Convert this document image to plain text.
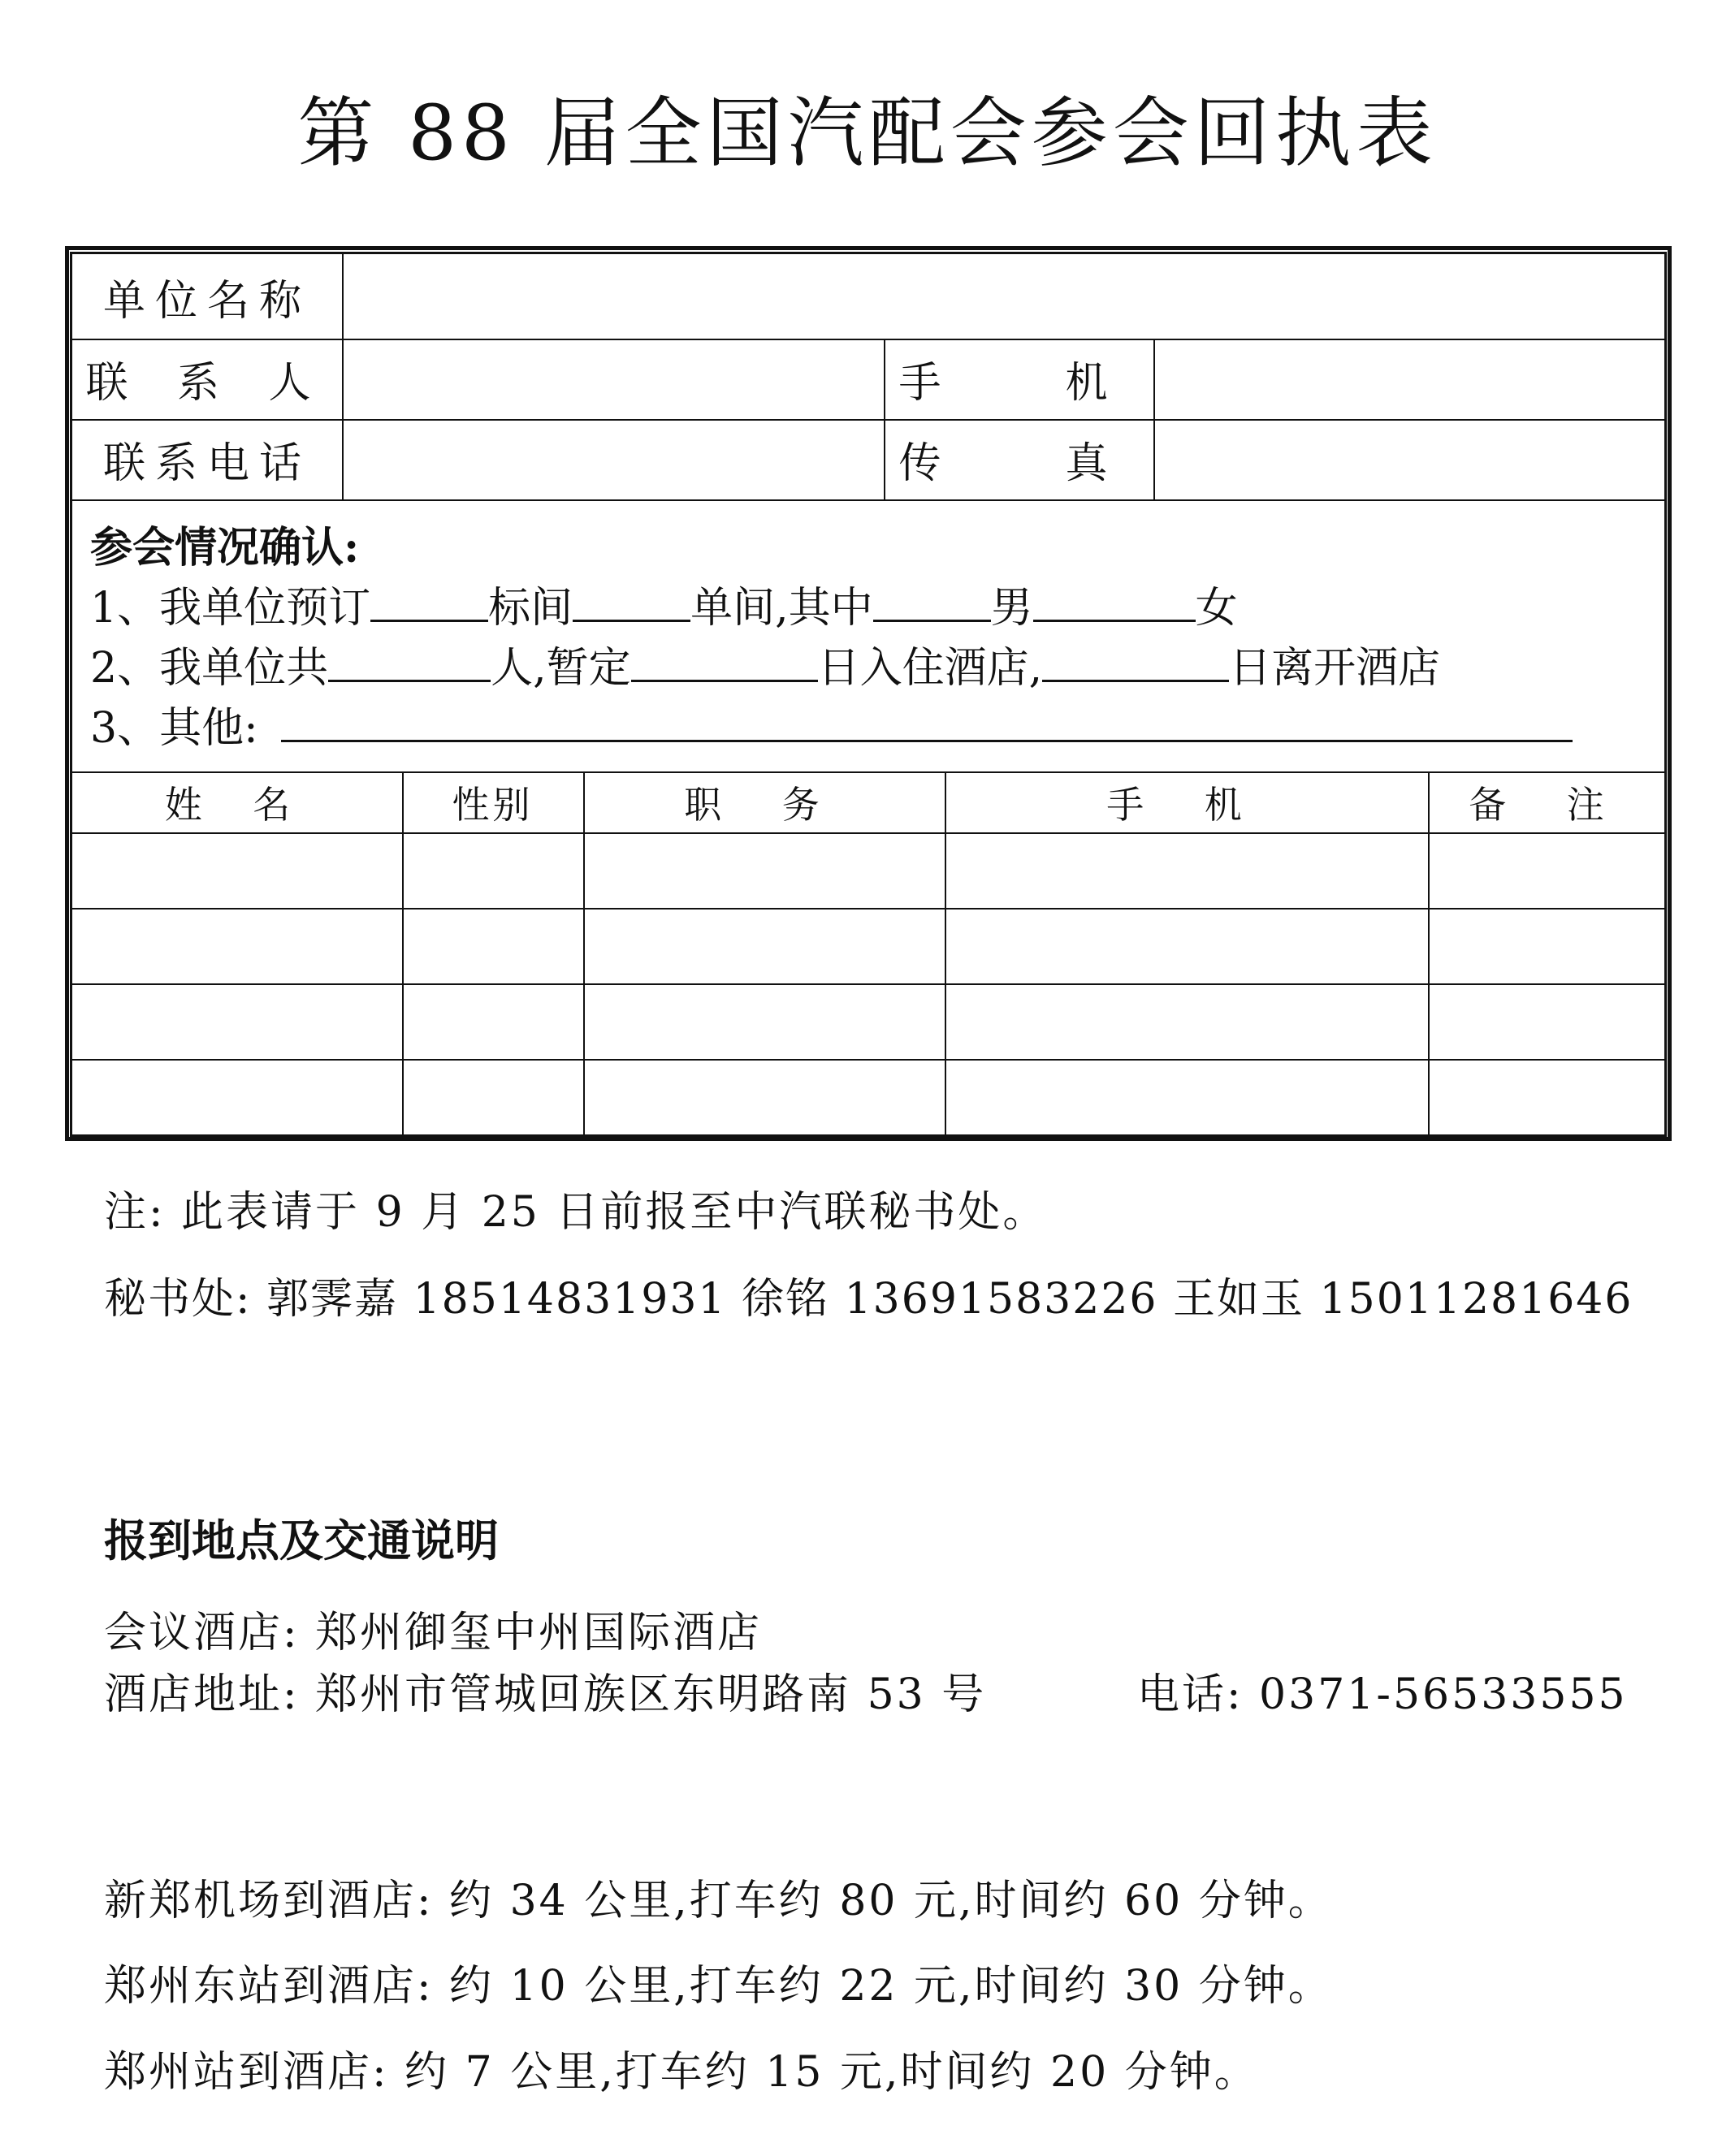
第 88 届全国汽配会参会回执表
单位名称
联 系 人	手  机
联系电话	传  真
参会情况确认:
1、我单位预订	标间	单间,其中	男	女
2、我单位共	人,暂定	日入住酒店,	日离开酒店
3、其他:
姓 名	性别	职 务	手 机	备 注
注: 此表请于 9 月 25 日前报至中汽联秘书处。
秘书处: 郭霁嘉 18514831931 徐铭 13691583226 王如玉 15011281646
报到地点及交通说明
会议酒店: 郑州御玺中州国际酒店
酒店地址: 郑州市管城回族区东明路南 53 号	电话: 0371-56533555
新郑机场到酒店: 约 34 公里,打车约 80 元,时间约 60 分钟。
郑州东站到酒店: 约 10 公里,打车约 22 元,时间约 30 分钟。
郑州站到酒店: 约 7 公里,打车约 15 元,时间约 20 分钟。
